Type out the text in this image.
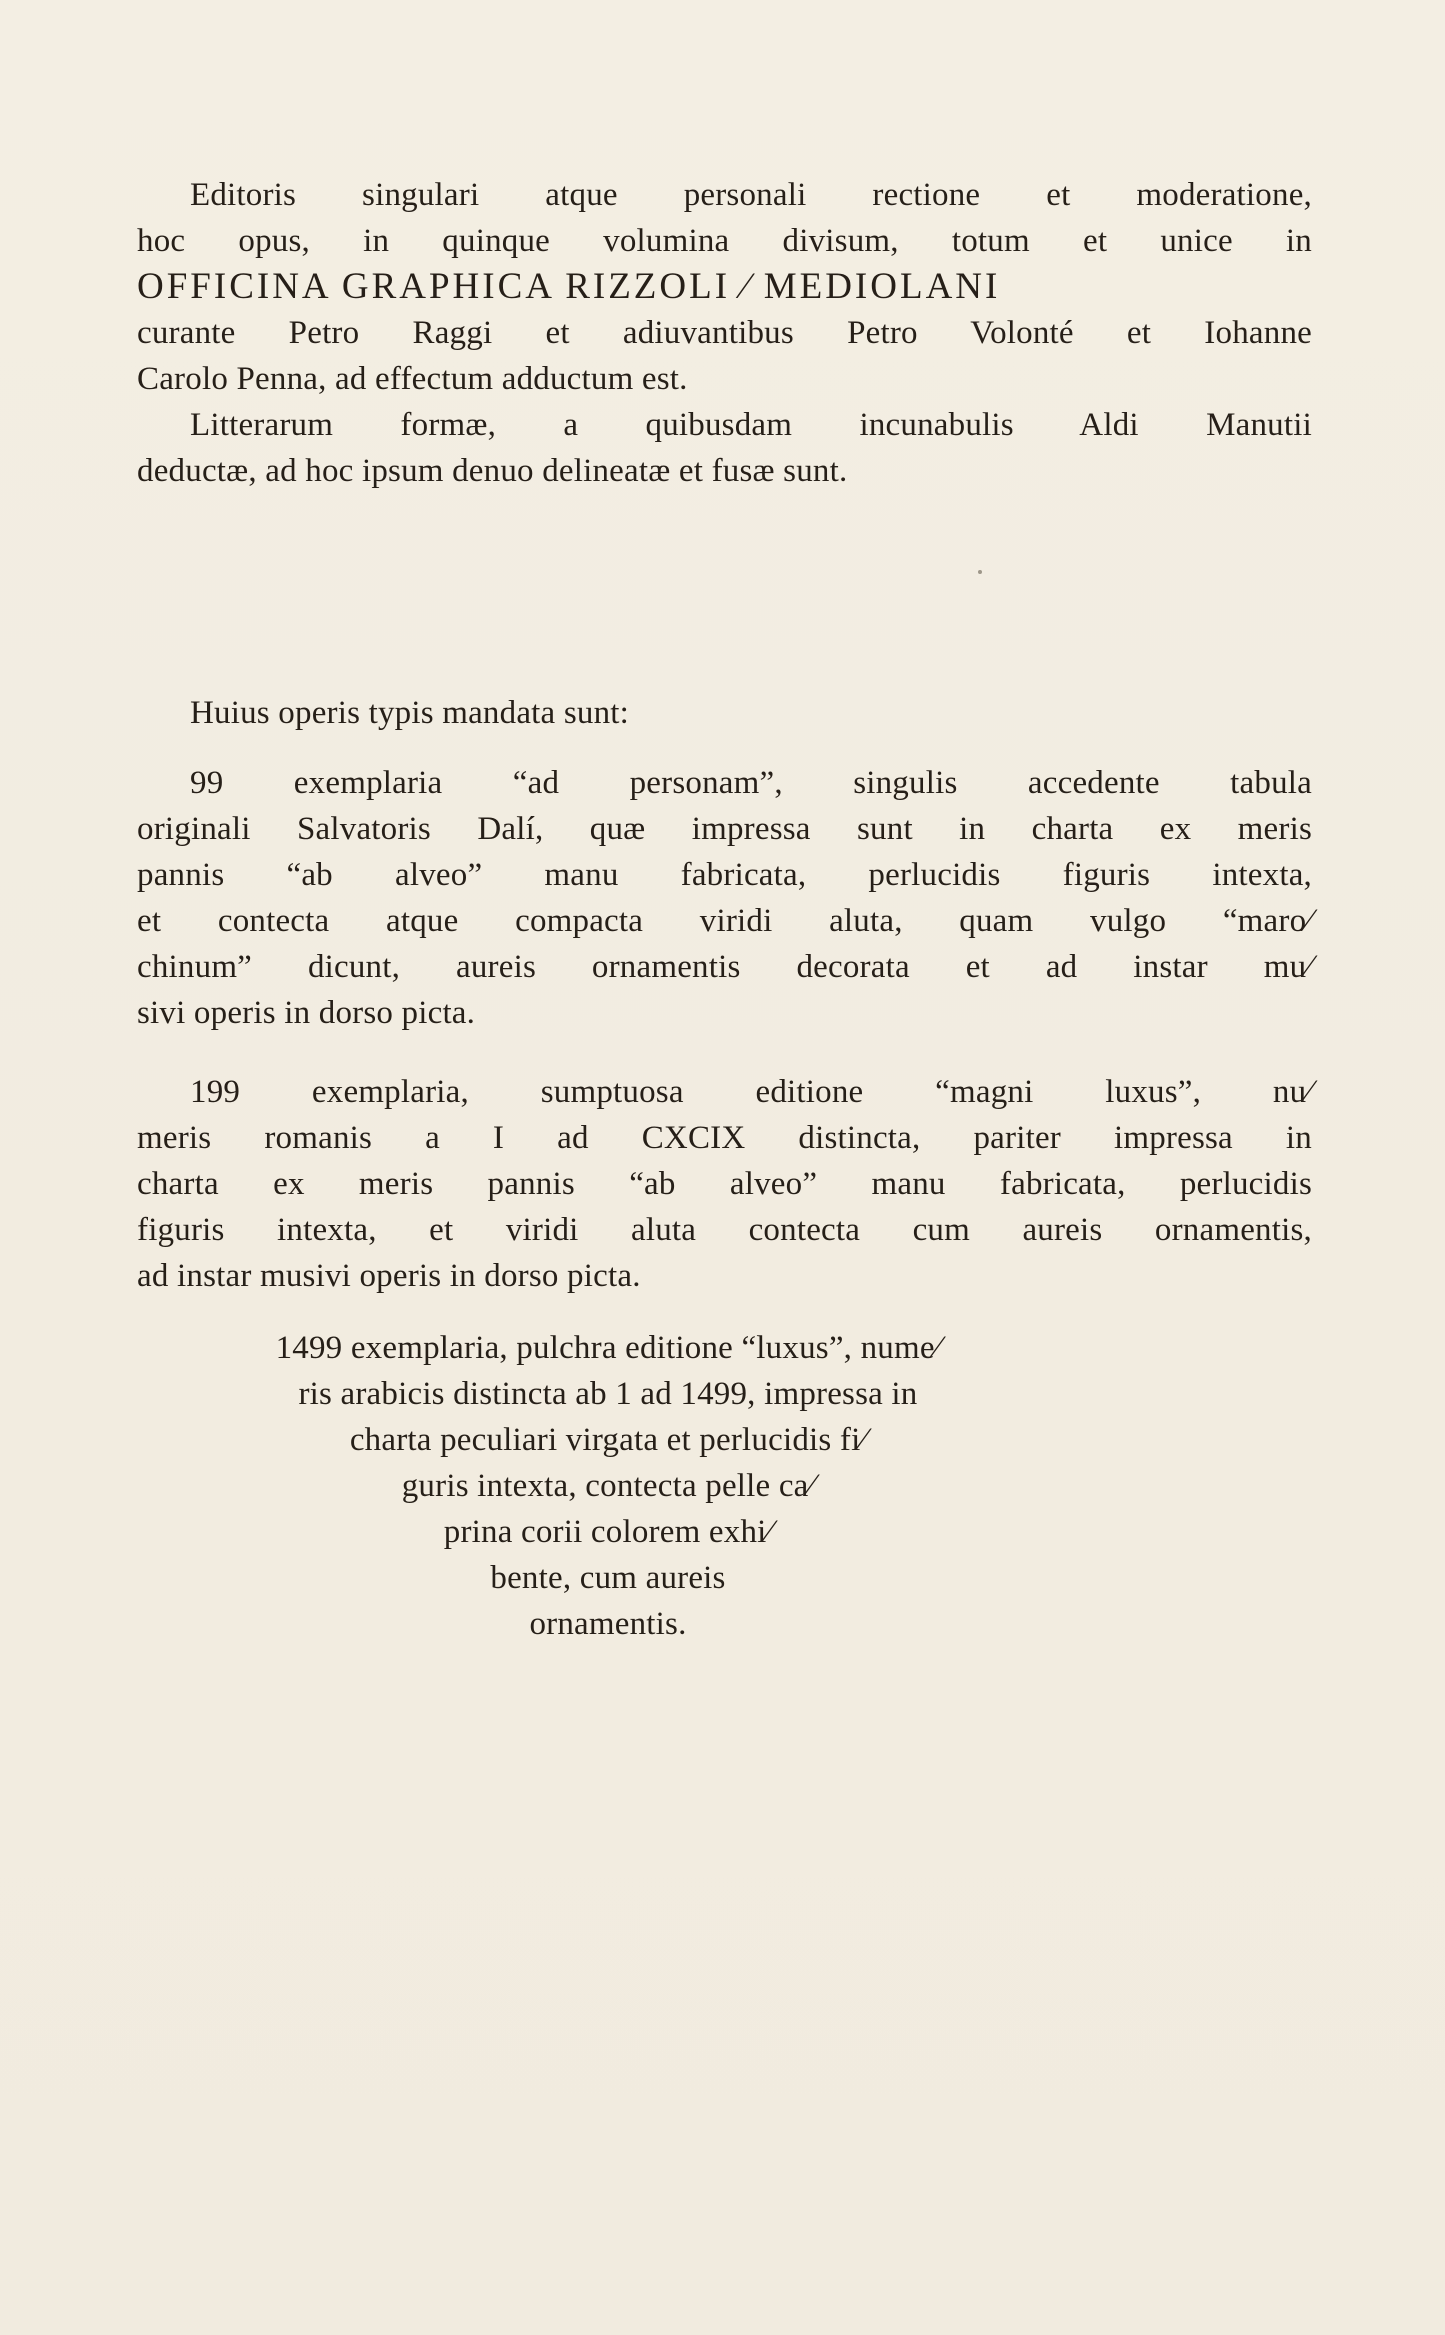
Editoris singulari atque personali rectione et moderatione,
hoc opus, in quinque volumina divisum, totum et unice in
OFFICINA GRAPHICA RIZZOLI ⁄ MEDIOLANI
curante Petro Raggi et adiuvantibus Petro Volonté et Iohanne
Carolo Penna, ad effectum adductum est.
Litterarum formæ, a quibusdam incunabulis Aldi Manutii
deductæ, ad hoc ipsum denuo delineatæ et fusæ sunt.
Huius operis typis mandata sunt:
99 exemplaria “ad personam”, singulis accedente tabula
originali Salvatoris Dalí, quæ impressa sunt in charta ex meris
pannis “ab alveo” manu fabricata, perlucidis figuris intexta,
et contecta atque compacta viridi aluta, quam vulgo “maro⁄
chinum” dicunt, aureis ornamentis decorata et ad instar mu⁄
sivi operis in dorso picta.
199 exemplaria, sumptuosa editione “magni luxus”, nu⁄
meris romanis a I ad CXCIX distincta, pariter impressa in
charta ex meris pannis “ab alveo” manu fabricata, perlucidis
figuris intexta, et viridi aluta contecta cum aureis ornamentis,
ad instar musivi operis in dorso picta.
1499 exemplaria, pulchra editione “luxus”, nume⁄
ris arabicis distincta ab 1 ad 1499, impressa in
charta peculiari virgata et perlucidis fi⁄
guris intexta, contecta pelle ca⁄
prina corii colorem exhi⁄
bente, cum aureis
ornamentis.
